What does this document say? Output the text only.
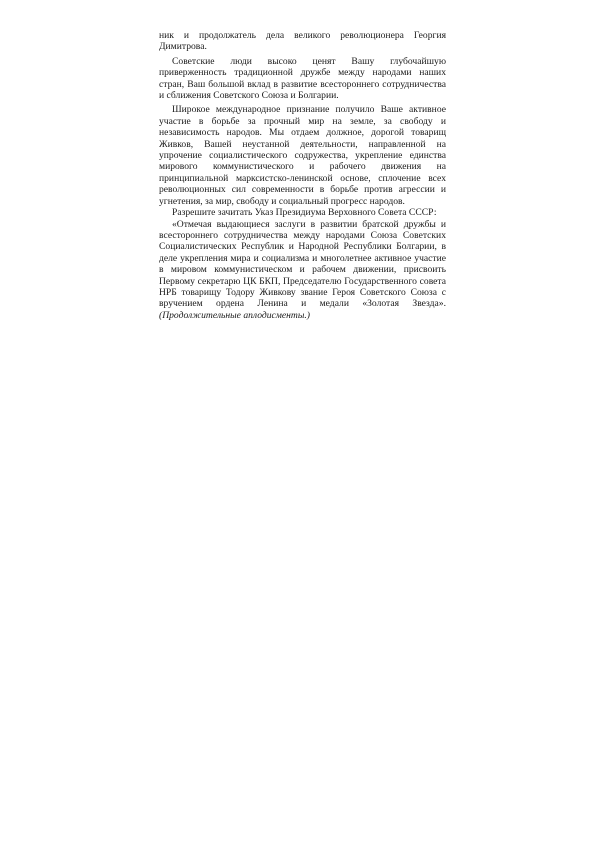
ник и продолжатель дела великого революционера Георгия Димитрова.

Советские люди высоко ценят Вашу глубочайшую приверженность традиционной дружбе между народами наших стран, Ваш большой вклад в развитие всестороннего сотрудничества и сближения Советского Союза и Болгарии.

Широкое международное признание получило Ваше активное участие в борьбе за прочный мир на земле, за свободу и независимость народов. Мы отдаем должное, дорогой товарищ Живков, Вашей неустанной деятельности, направленной на упрочение социалистического содружества, укрепление единства мирового коммунистического и рабочего движения на принципиальной марксистско-ленинской основе, сплочение всех революционных сил современности в борьбе против агрессии и угнетения, за мир, свободу и социальный прогресс народов.

Разрешите зачитать Указ Президиума Верховного Совета СССР:

«Отмечая выдающиеся заслуги в развитии братской дружбы и всестороннего сотрудничества между народами Союза Советских Социалистических Республик и Народной Республики Болгарии, в деле укрепления мира и социализма и многолетнее активное участие в мировом коммунистическом и рабочем движении, присвоить Первому секретарю ЦК БКП, Председателю Государственного совета НРБ товарищу Тодору Живкову звание Героя Советского Союза с вручением ордена Ленина и медали «Золотая Звезда». (Продолжительные аплодисменты.)
